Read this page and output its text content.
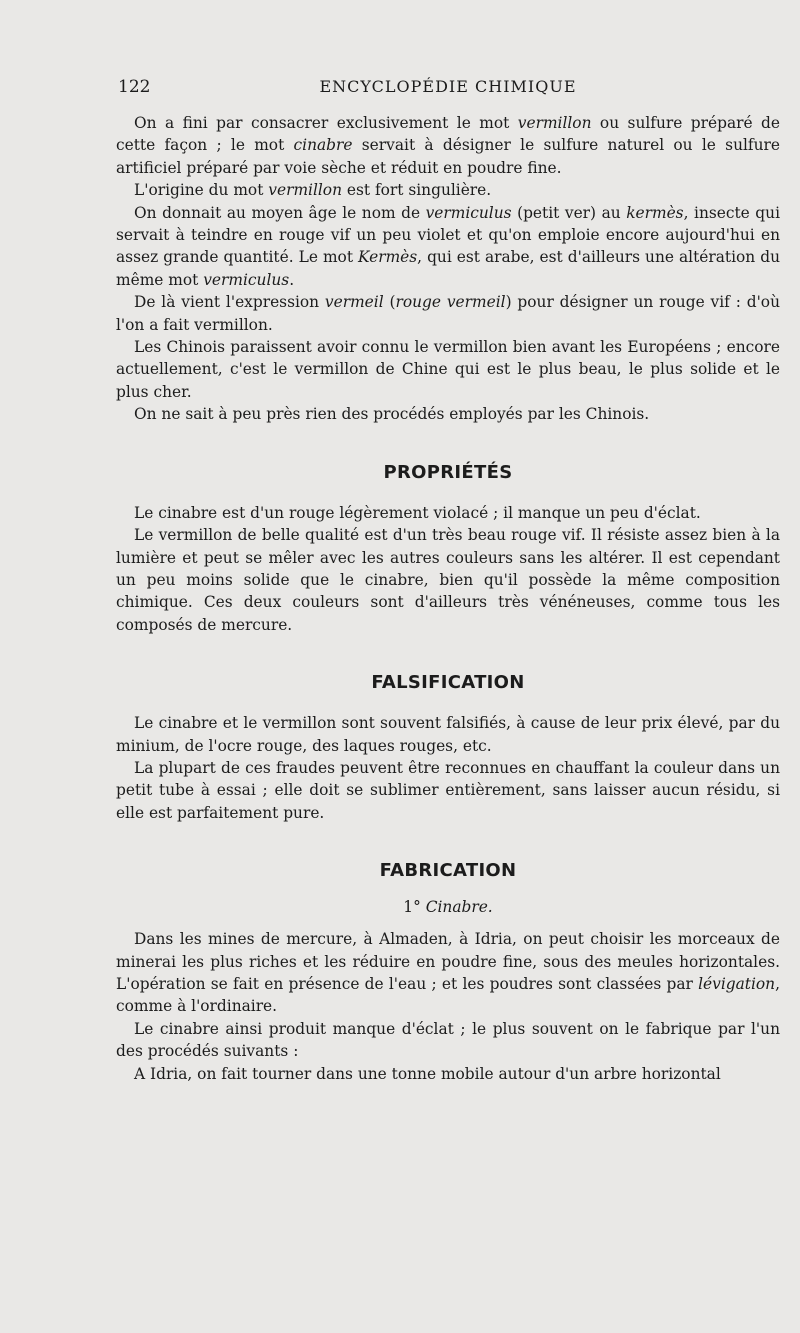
122	ENCYCLOPÉDIE CHIMIQUE

On a fini par consacrer exclusivement le mot vermillon ou sulfure préparé de cette façon ; le mot cinabre servait à désigner le sulfure naturel ou le sulfure artificiel préparé par voie sèche et réduit en poudre fine.

L'origine du mot vermillon est fort singulière.

On donnait au moyen âge le nom de vermiculus (petit ver) au kermès, insecte qui servait à teindre en rouge vif un peu violet et qu'on emploie encore aujourd'hui en assez grande quantité. Le mot Kermès, qui est arabe, est d'ailleurs une altération du même mot vermiculus.

De là vient l'expression vermeil (rouge vermeil) pour désigner un rouge vif : d'où l'on a fait vermillon.

Les Chinois paraissent avoir connu le vermillon bien avant les Européens ; encore actuellement, c'est le vermillon de Chine qui est le plus beau, le plus solide et le plus cher.

On ne sait à peu près rien des procédés employés par les Chinois.

PROPRIÉTÉS

Le cinabre est d'un rouge légèrement violacé ; il manque un peu d'éclat.

Le vermillon de belle qualité est d'un très beau rouge vif. Il résiste assez bien à la lumière et peut se mêler avec les autres couleurs sans les altérer. Il est cependant un peu moins solide que le cinabre, bien qu'il possède la même composition chimique. Ces deux couleurs sont d'ailleurs très vénéneuses, comme tous les composés de mercure.

FALSIFICATION

Le cinabre et le vermillon sont souvent falsifiés, à cause de leur prix élevé, par du minium, de l'ocre rouge, des laques rouges, etc.

La plupart de ces fraudes peuvent être reconnues en chauffant la couleur dans un petit tube à essai ; elle doit se sublimer entièrement, sans laisser aucun résidu, si elle est parfaitement pure.

FABRICATION
1° Cinabre.

Dans les mines de mercure, à Almaden, à Idria, on peut choisir les morceaux de minerai les plus riches et les réduire en poudre fine, sous des meules horizontales. L'opération se fait en présence de l'eau ; et les poudres sont classées par lévigation, comme à l'ordinaire.

Le cinabre ainsi produit manque d'éclat ; le plus souvent on le fabrique par l'un des procédés suivants :

A Idria, on fait tourner dans une tonne mobile autour d'un arbre horizontal
